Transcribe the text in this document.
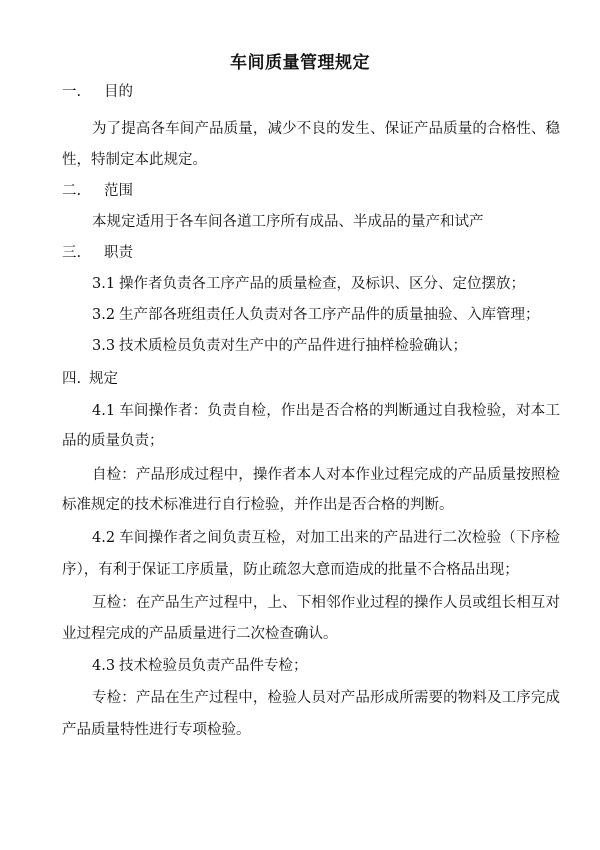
车间质量管理规定
一. 目的
为了提高各车间产品质量，减少不良的发生、保证产品质量的合格性、稳
性，特制定本此规定。
二. 范围
本规定适用于各车间各道工序所有成品、半成品的量产和试产
三. 职责
3.1 操作者负责各工序产品的质量检查，及标识、区分、定位摆放；
3.2 生产部各班组责任人负责对各工序产品件的质量抽验、入库管理；
3.3 技术质检员负责对生产中的产品件进行抽样检验确认；
四. 规定
4.1 车间操作者：负责自检，作出是否合格的判断通过自我检验，对本工
品的质量负责；
自检：产品形成过程中，操作者本人对本作业过程完成的产品质量按照检
标准规定的技术标准进行自行检验，并作出是否合格的判断。
4.2 车间操作者之间负责互检，对加工出来的产品进行二次检验（下序检
序），有利于保证工序质量，防止疏忽大意而造成的批量不合格品出现；
互检：在产品生产过程中，上、下相邻作业过程的操作人员或组长相互对
业过程完成的产品质量进行二次检查确认。
4.3 技术检验员负责产品件专检；
专检：产品在生产过程中，检验人员对产品形成所需要的物料及工序完成
产品质量特性进行专项检验。
